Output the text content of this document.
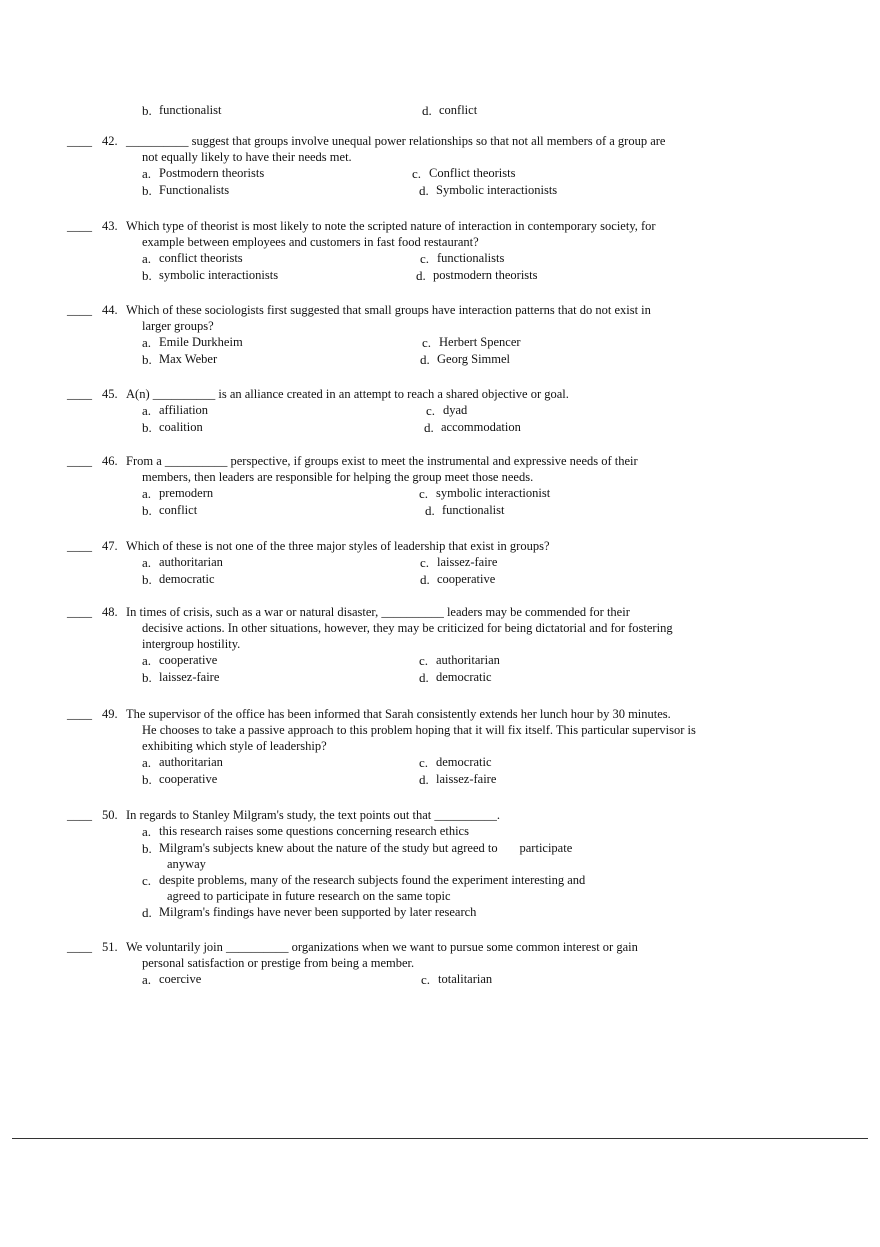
b. functionalist	d. conflict
____ 42. __________ suggest that groups involve unequal power relationships so that not all members of a group are
not equally likely to have their needs met.
a. Postmodern theorists	c. Conflict theorists
b. Functionalists	d. Symbolic interactionists
____ 43. Which type of theorist is most likely to note the scripted nature of interaction in contemporary society, for
example between employees and customers in fast food restaurant?
a. conflict theorists	c. functionalists
b. symbolic interactionists	d. postmodern theorists
____ 44. Which of these sociologists first suggested that small groups have interaction patterns that do not exist in
larger groups?
a. Emile Durkheim	c. Herbert Spencer
b. Max Weber	d. Georg Simmel
____ 45. A(n) __________ is an alliance created in an attempt to reach a shared objective or goal.
a. affiliation	c. dyad
b. coalition	d. accommodation
____ 46. From a __________ perspective, if groups exist to meet the instrumental and expressive needs of their
members, then leaders are responsible for helping the group meet those needs.
a. premodern	c. symbolic interactionist
b. conflict	d. functionalist
____ 47. Which of these is not one of the three major styles of leadership that exist in groups?
a. authoritarian	c. laissez-faire
b. democratic	d. cooperative
____ 48. In times of crisis, such as a war or natural disaster, __________ leaders may be commended for their
decisive actions. In other situations, however, they may be criticized for being dictatorial and for fostering
intergroup hostility.
a. cooperative	c. authoritarian
b. laissez-faire	d. democratic
____ 49. The supervisor of the office has been informed that Sarah consistently extends her lunch hour by 30 minutes.
He chooses to take a passive approach to this problem hoping that it will fix itself. This particular supervisor is
exhibiting which style of leadership?
a. authoritarian	c. democratic
b. cooperative	d. laissez-faire
____ 50. In regards to Stanley Milgram's study, the text points out that __________.
a. this research raises some questions concerning research ethics
b. Milgram's subjects knew about the nature of the study but agreed to       participate
anyway
c. despite problems, many of the research subjects found the experiment interesting and
agreed to participate in future research on the same topic
d. Milgram's findings have never been supported by later research
____ 51. We voluntarily join __________ organizations when we want to pursue some common interest or gain
personal satisfaction or prestige from being a member.
a. coercive	c. totalitarian
